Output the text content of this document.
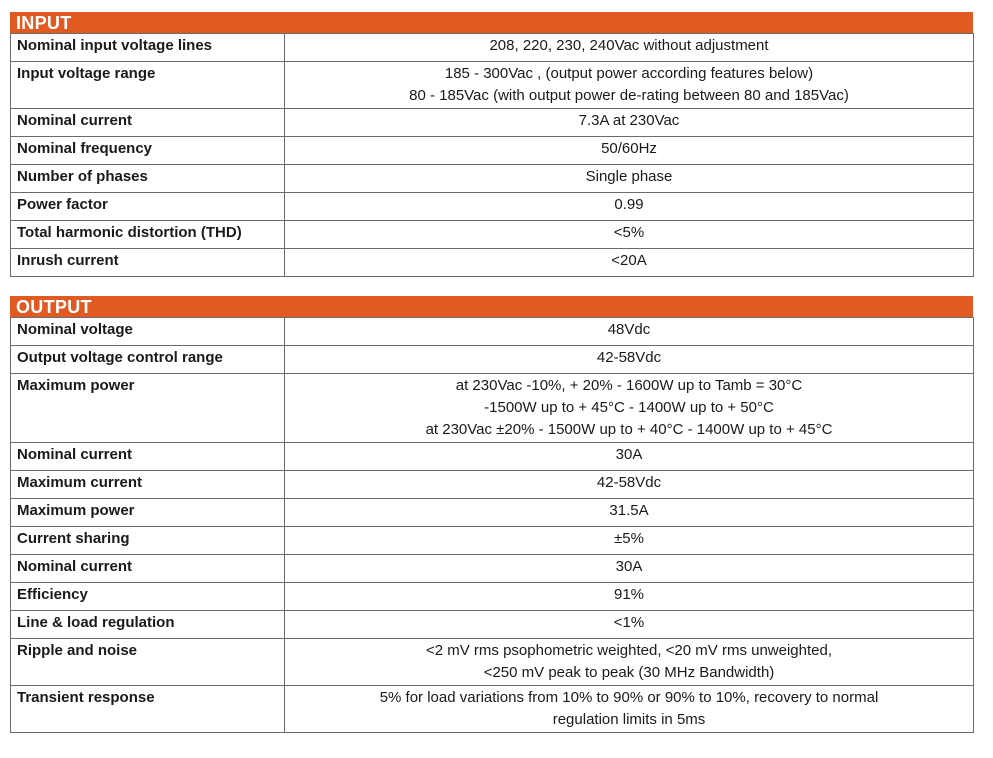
INPUT
Nominal input voltage lines	208, 220, 230, 240Vac without adjustment

Input voltage range	185 - 300Vac , (output power according features below)
80 - 185Vac (with output power de-rating between 80 and 185Vac)

Nominal current	7.3A at 230Vac

Nominal frequency	50/60Hz

Number of phases	Single phase

Power factor	0.99

Total harmonic distortion (THD)	<5%

Inrush current	<20A
OUTPUT
Nominal voltage	48Vdc

Output voltage control range	42-58Vdc

Maximum power	at 230Vac -10%, + 20% - 1600W up to Tamb = 30°C
-1500W up to + 45°C - 1400W up to + 50°C
at 230Vac ±20% - 1500W up to + 40°C - 1400W up to + 45°C

Nominal current	30A

Maximum current	42-58Vdc

Maximum power	31.5A

Current sharing	±5%

Nominal current	30A

Efficiency	91%

Line & load regulation	<1%

Ripple and noise	<2 mV rms psophometric weighted, <20 mV rms unweighted,
<250 mV peak to peak (30 MHz Bandwidth)

Transient response	5% for load variations from 10% to 90% or 90% to 10%, recovery to normal
regulation limits in 5ms
